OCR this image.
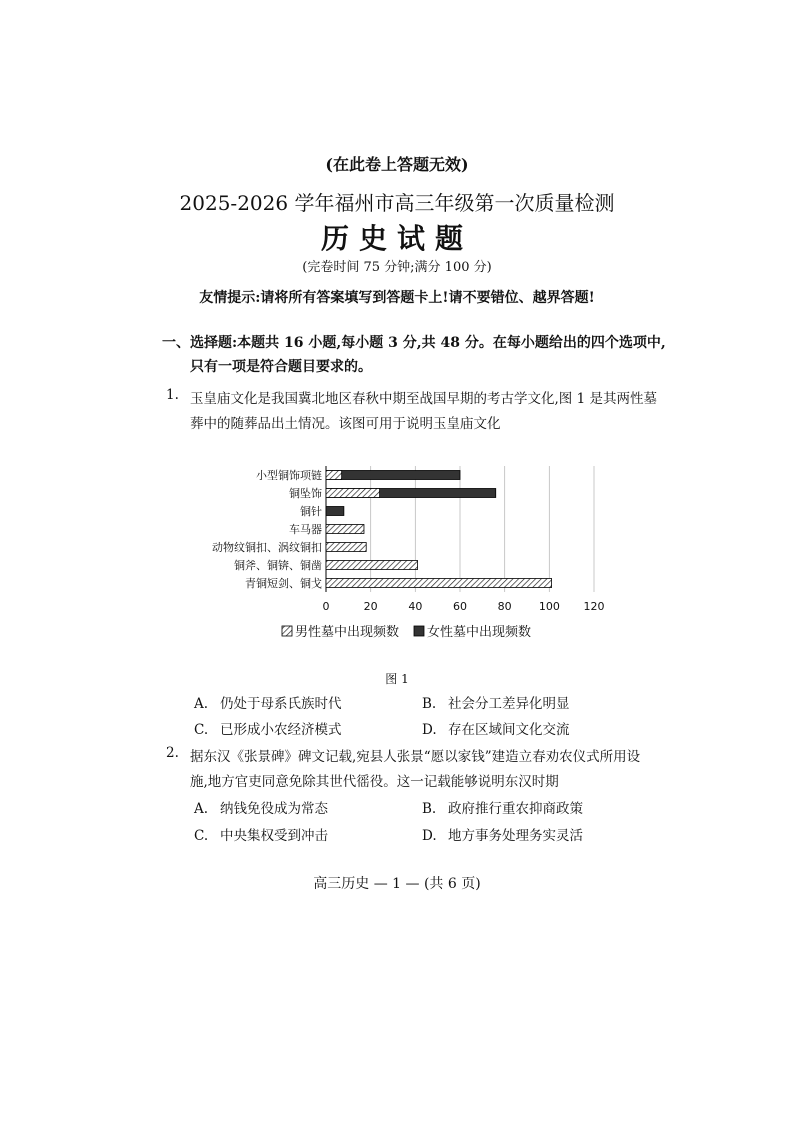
(在此卷上答题无效)
2025-2026 学年福州市高三年级第一次质量检测
历史试题
(完卷时间 75 分钟;满分 100 分)
友情提示:请将所有答案填写到答题卡上!请不要错位、越界答题!
一、选择题:本题共 16 小题,每小题 3 分,共 48 分。在每小题给出的四个选项中,
只有一项是符合题目要求的。
1. 玉皇庙文化是我国冀北地区春秋中期至战国早期的考古学文化,图 1 是其两性墓
葬中的随葬品出土情况。该图可用于说明玉皇庙文化
小型铜饰项链
铜坠饰
铜针
车马器
动物纹铜扣、涡纹铜扣
铜斧、铜锛、铜凿
青铜短剑、铜戈
0	20	40	60	80 100 120
男性墓中出现频数 女性墓中出现频数
图 1
A. 仍处于母系氏族时代	B. 社会分工差异化明显
C. 已形成小农经济模式	D. 存在区域间文化交流
2. 据东汉《张景碑》碑文记载,宛县人张景“愿以家钱”建造立春劝农仪式所用设
施,地方官吏同意免除其世代徭役。这一记载能够说明东汉时期
A. 纳钱免役成为常态	B. 政府推行重农抑商政策
C. 中央集权受到冲击	D. 地方事务处理务实灵活
高三历史 — 1 — (共 6 页)
